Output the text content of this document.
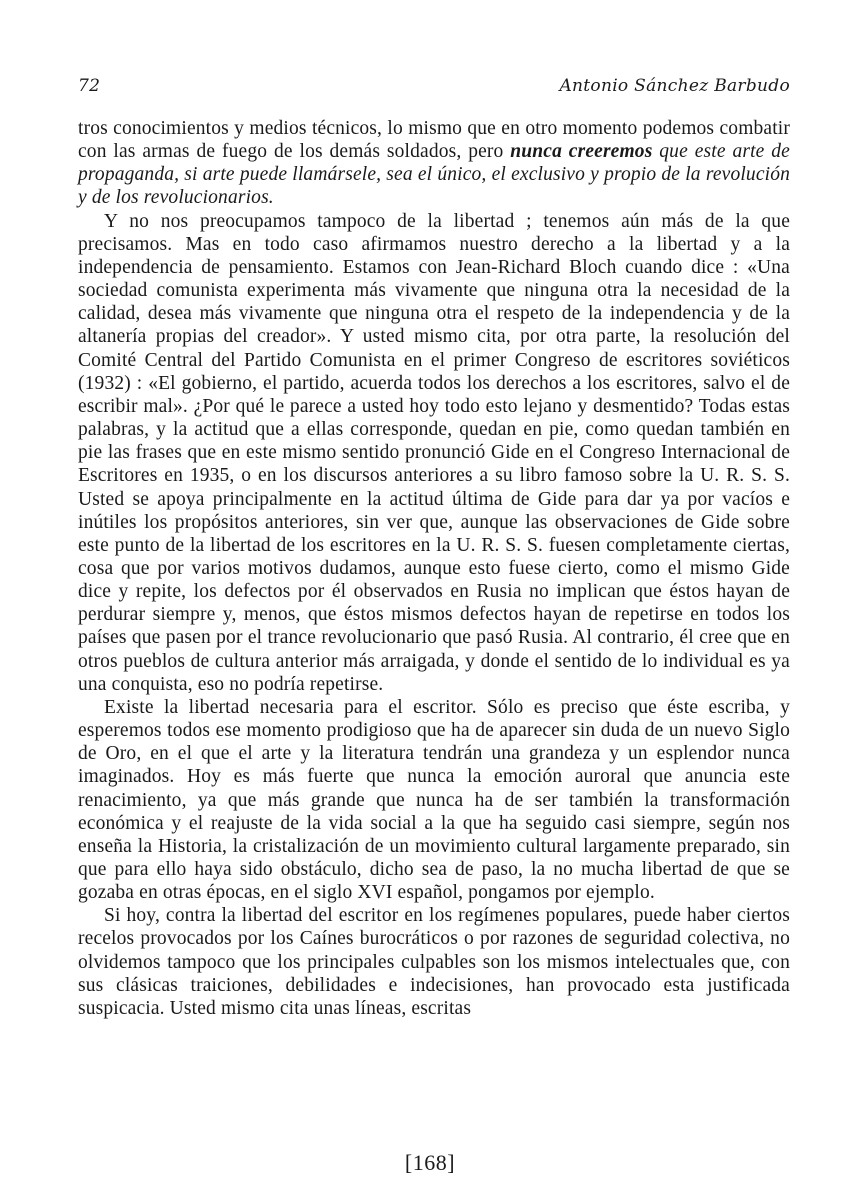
72	Antonio Sánchez Barbudo

tros conocimientos y medios técnicos, lo mismo que en otro momento podemos combatir con las armas de fuego de los demás soldados, pero nunca creeremos que este arte de propaganda, si arte puede llamársele, sea el único, el exclusivo y propio de la revolución y de los revolucionarios.

Y no nos preocupamos tampoco de la libertad ; tenemos aún más de la que precisamos. Mas en todo caso afirmamos nuestro derecho a la libertad y a la independencia de pensamiento. Estamos con Jean-Richard Bloch cuando dice : «Una sociedad comunista experimenta más vivamente que ninguna otra la necesidad de la calidad, desea más vivamente que ninguna otra el respeto de la independencia y de la altanería propias del creador». Y usted mismo cita, por otra parte, la resolución del Comité Central del Partido Comunista en el primer Congreso de escritores soviéticos (1932) : «El gobierno, el partido, acuerda todos los derechos a los escritores, salvo el de escribir mal». ¿Por qué le parece a usted hoy todo esto lejano y desmentido? Todas estas palabras, y la actitud que a ellas corresponde, quedan en pie, como quedan también en pie las frases que en este mismo sentido pronunció Gide en el Congreso Internacional de Escritores en 1935, o en los discursos anteriores a su libro famoso sobre la U. R. S. S. Usted se apoya principalmente en la actitud última de Gide para dar ya por vacíos e inútiles los propósitos anteriores, sin ver que, aunque las observaciones de Gide sobre este punto de la libertad de los escritores en la U. R. S. S. fuesen completamente ciertas, cosa que por varios motivos dudamos, aunque esto fuese cierto, como el mismo Gide dice y repite, los defectos por él observados en Rusia no implican que éstos hayan de perdurar siempre y, menos, que éstos mismos defectos hayan de repetirse en todos los países que pasen por el trance revolucionario que pasó Rusia. Al contrario, él cree que en otros pueblos de cultura anterior más arraigada, y donde el sentido de lo individual es ya una conquista, eso no podría repetirse.

Existe la libertad necesaria para el escritor. Sólo es preciso que éste escriba, y esperemos todos ese momento prodigioso que ha de aparecer sin duda de un nuevo Siglo de Oro, en el que el arte y la literatura tendrán una grandeza y un esplendor nunca imaginados. Hoy es más fuerte que nunca la emoción auroral que anuncia este renacimiento, ya que más grande que nunca ha de ser también la transformación económica y el reajuste de la vida social a la que ha seguido casi siempre, según nos enseña la Historia, la cristalización de un movimiento cultural largamente preparado, sin que para ello haya sido obstáculo, dicho sea de paso, la no mucha libertad de que se gozaba en otras épocas, en el siglo XVI español, pongamos por ejemplo.

Si hoy, contra la libertad del escritor en los regímenes populares, puede haber ciertos recelos provocados por los Caínes burocráticos o por razones de seguridad colectiva, no olvidemos tampoco que los principales culpables son los mismos intelectuales que, con sus clásicas traiciones, debilidades e indecisiones, han provocado esta justificada suspicacia. Usted mismo cita unas líneas, escritas

[168]
